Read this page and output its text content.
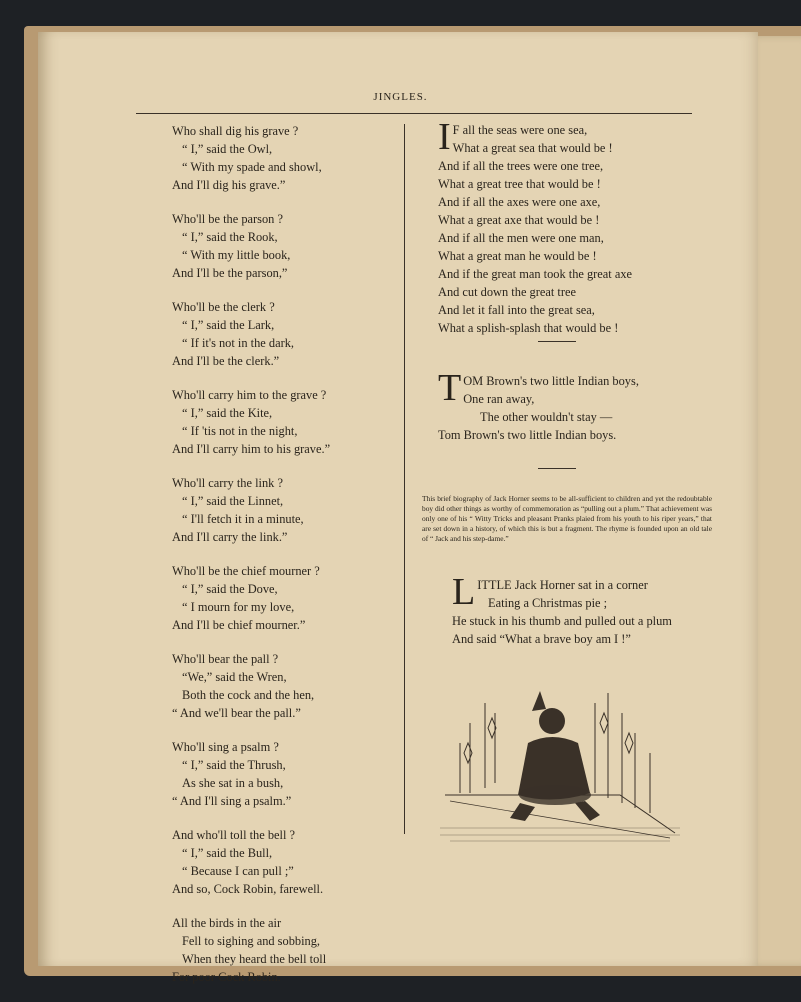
JINGLES.
Who shall dig his grave ?
“ I,” said the Owl,
“ With my spade and showl,
And I'll dig his grave.”
Who'll be the parson ?
“ I,” said the Rook,
“ With my little book,
And I'll be the parson,”
Who'll be the clerk ?
“ I,” said the Lark,
“ If it's not in the dark,
And I'll be the clerk.”
Who'll carry him to the grave ?
“ I,” said the Kite,
“ If 'tis not in the night,
And I'll carry him to his grave.”
Who'll carry the link ?
“ I,” said the Linnet,
“ I'll fetch it in a minute,
And I'll carry the link.”
Who'll be the chief mourner ?
“ I,” said the Dove,
“ I mourn for my love,
And I'll be chief mourner.”
Who'll bear the pall ?
“We,” said the Wren,
Both the cock and the hen,
“ And we'll bear the pall.”
Who'll sing a psalm ?
“ I,” said the Thrush,
As she sat in a bush,
“ And I'll sing a psalm.”
And who'll toll the bell ?
“ I,” said the Bull,
“ Because I can pull ;”
And so, Cock Robin, farewell.
All the birds in the air
Fell to sighing and sobbing,
When they heard the bell toll
For poor Cock Robin.
I F all the seas were one sea,
What a great sea that would be !
And if all the trees were one tree,
What a great tree that would be !
And if all the axes were one axe,
What a great axe that would be !
And if all the men were one man,
What a great man he would be !
And if the great man took the great axe
And cut down the great tree
And let it fall into the great sea,
What a splish-splash that would be !
TOM Brown's two little Indian boys,
One ran away,
The other wouldn't stay —
Tom Brown's two little Indian boys.
This brief biography of Jack Horner seems to be all-sufficient to children and yet the redoubtable boy did other things as worthy of commemoration as “pulling out a plum.” That achievement was only one of his “ Witty Tricks and pleasant Pranks plaied from his youth to his riper years,” that are set down in a history, of which this is but a fragment. The rhyme is founded upon an old tale of “ Jack and his step-dame.”
LITTLE Jack Horner sat in a corner
Eating a Christmas pie ;
He stuck in his thumb and pulled out a plum
And said “What a brave boy am I !”
